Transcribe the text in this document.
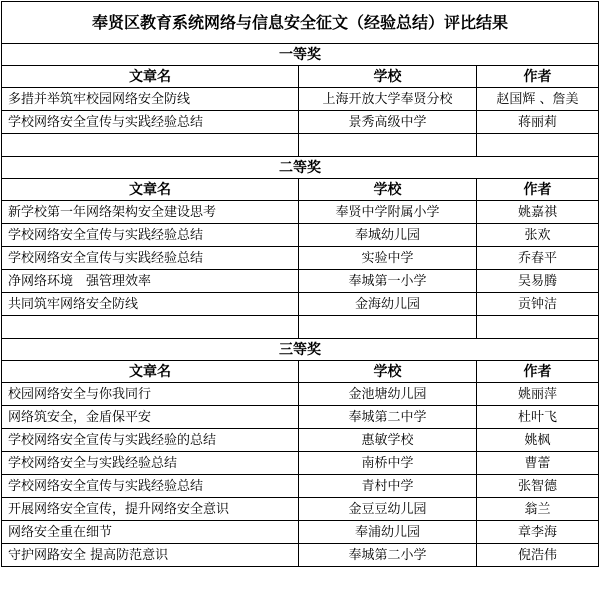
奉贤区教育系统网络与信息安全征文（经验总结）评比结果		
一等奖		
文章名	学校	作者
多措并举筑牢校园网络安全防线	上海开放大学奉贤分校	赵国辉 、詹美
学校网络安全宣传与实践经验总结	景秀高级中学	蒋丽莉

二等奖		
文章名	学校	作者
新学校第一年网络架构安全建设思考	奉贤中学附属小学	姚嘉祺
学校网络安全宣传与实践经验总结	奉城幼儿园	张欢
学校网络安全宣传与实践经验总结	实验中学	乔春平
净网络环境　强管理效率	奉城第一小学	吴易腾
共同筑牢网络安全防线	金海幼儿园	贡钟洁

三等奖		
文章名	学校	作者
校园网络安全与你我同行	金池塘幼儿园	姚丽萍
网络筑安全，金盾保平安	奉城第二中学	杜叶飞
学校网络安全宣传与实践经验的总结	惠敏学校	姚枫
学校网络安全与实践经验总结	南桥中学	曹蕾
学校网络安全宣传与实践经验总结	青村中学	张智德
开展网络安全宣传，提升网络安全意识	金豆豆幼儿园	翁兰
网络安全重在细节	奉浦幼儿园	章李海
守护网路安全 提高防范意识	奉城第二小学	倪浩伟
